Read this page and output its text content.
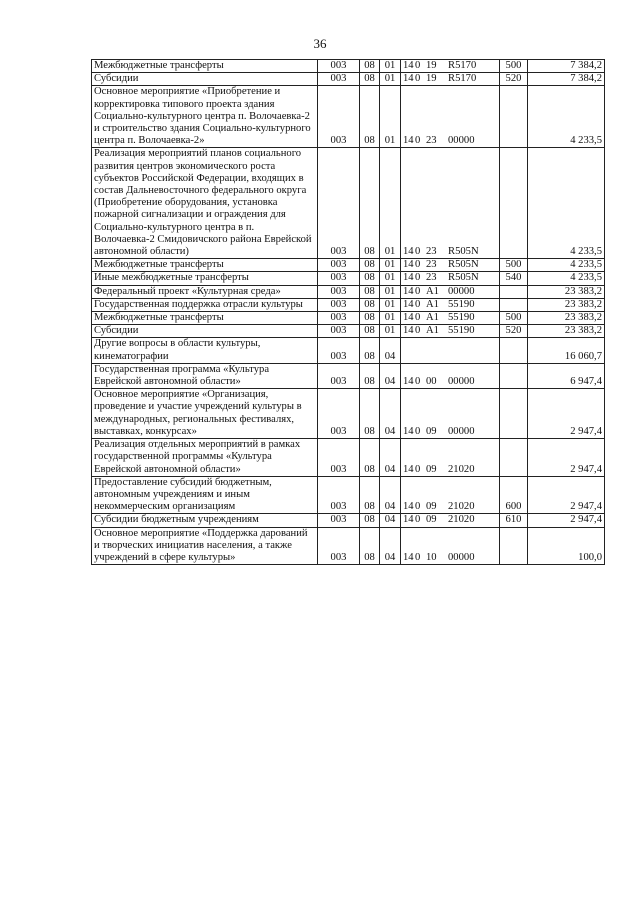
36
Межбюджетные трансферты	003	08	01	140 19 R5170	500	7 384,2
Субсидии	003	08	01	140 19 R5170	520	7 384,2
Основное мероприятие «Приобретение и корректировка типового проекта здания Социально-культурного центра п. Волочаевка-2 и строительство здания Социально-культурного центра п. Волочаевка-2»	003	08	01	140 23 00000		4 233,5
Реализация мероприятий планов социального развития центров экономического роста субъектов Российской Федерации, входящих в состав Дальневосточного федерального округа (Приобретение оборудования, установка пожарной сигнализации и ограждения для Социально-культурного центра в п. Волочаевка-2 Смидовичского района Еврейской автономной области)	003	08	01	140 23 R505N		4 233,5
Межбюджетные трансферты	003	08	01	140 23 R505N	500	4 233,5
Иные межбюджетные трансферты	003	08	01	140 23 R505N	540	4 233,5
Федеральный проект «Культурная среда»	003	08	01	140 A1 00000		23 383,2
Государственная поддержка отрасли культуры	003	08	01	140 A1 55190		23 383,2
Межбюджетные трансферты	003	08	01	140 A1 55190	500	23 383,2
Субсидии	003	08	01	140 A1 55190	520	23 383,2
Другие вопросы в области культуры, кинематографии	003	08	04			16 060,7
Государственная программа «Культура Еврейской автономной области»	003	08	04	140 00 00000		6 947,4
Основное мероприятие «Организация, проведение и участие учреждений культуры в международных, региональных фестивалях, выставках, конкурсах»	003	08	04	140 09 00000		2 947,4
Реализация отдельных мероприятий в рамках государственной программы «Культура Еврейской автономной области»	003	08	04	140 09 21020		2 947,4
Предоставление субсидий бюджетным, автономным учреждениям и иным некоммерческим организациям	003	08	04	140 09 21020	600	2 947,4
Субсидии бюджетным учреждениям	003	08	04	140 09 21020	610	2 947,4
Основное мероприятие «Поддержка дарований и творческих инициатив населения, а также учреждений в сфере культуры»	003	08	04	140 10 00000		100,0
